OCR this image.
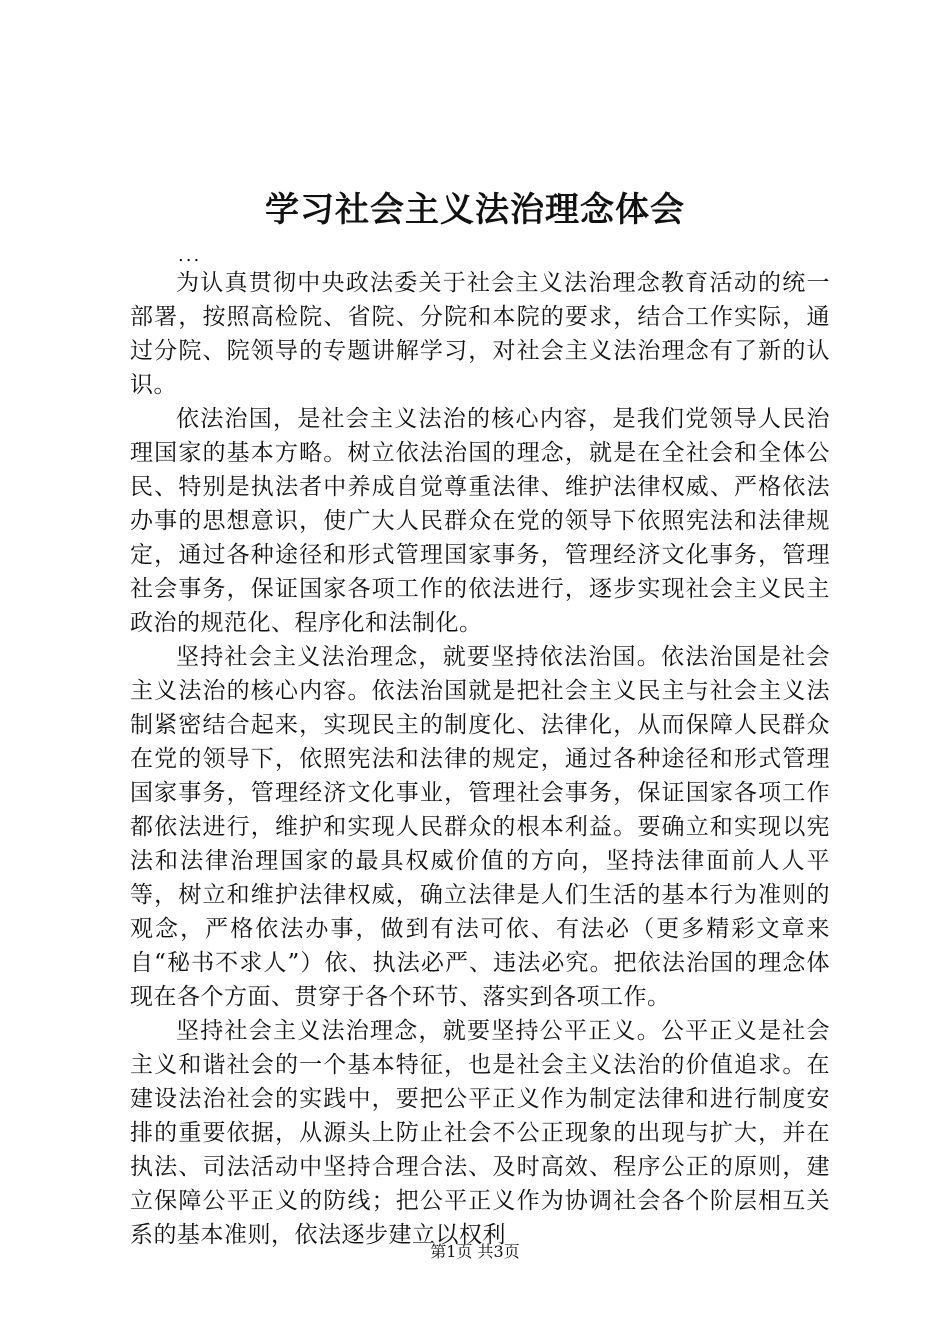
学习社会主义法治理念体会
...

为认真贯彻中央政法委关于社会主义法治理念教育活动的统一部署，按照高检院、省院、分院和本院的要求，结合工作实际，通过分院、院领导的专题讲解学习，对社会主义法治理念有了新的认识。

依法治国，是社会主义法治的核心内容，是我们党领导人民治理国家的基本方略。树立依法治国的理念，就是在全社会和全体公民、特别是执法者中养成自觉尊重法律、维护法律权威、严格依法办事的思想意识，使广大人民群众在党的领导下依照宪法和法律规定，通过各种途径和形式管理国家事务，管理经济文化事务，管理社会事务，保证国家各项工作的依法进行，逐步实现社会主义民主政治的规范化、程序化和法制化。

坚持社会主义法治理念，就要坚持依法治国。依法治国是社会主义法治的核心内容。依法治国就是把社会主义民主与社会主义法制紧密结合起来，实现民主的制度化、法律化，从而保障人民群众在党的领导下，依照宪法和法律的规定，通过各种途径和形式管理国家事务，管理经济文化事业，管理社会事务，保证国家各项工作都依法进行，维护和实现人民群众的根本利益。要确立和实现以宪法和法律治理国家的最具权威价值的方向，坚持法律面前人人平等，树立和维护法律权威，确立法律是人们生活的基本行为准则的观念，严格依法办事，做到有法可依、有法必（更多精彩文章来自“秘书不求人”）依、执法必严、违法必究。把依法治国的理念体现在各个方面、贯穿于各个环节、落实到各项工作。

坚持社会主义法治理念，就要坚持公平正义。公平正义是社会主义和谐社会的一个基本特征，也是社会主义法治的价值追求。在建设法治社会的实践中，要把公平正义作为制定法律和进行制度安排的重要依据，从源头上防止社会不公正现象的出现与扩大，并在执法、司法活动中坚持合理合法、及时高效、程序公正的原则，建立保障公平正义的防线；把公平正义作为协调社会各个阶层相互关系的基本准则，依法逐步建立以权利

第1页 共3页
